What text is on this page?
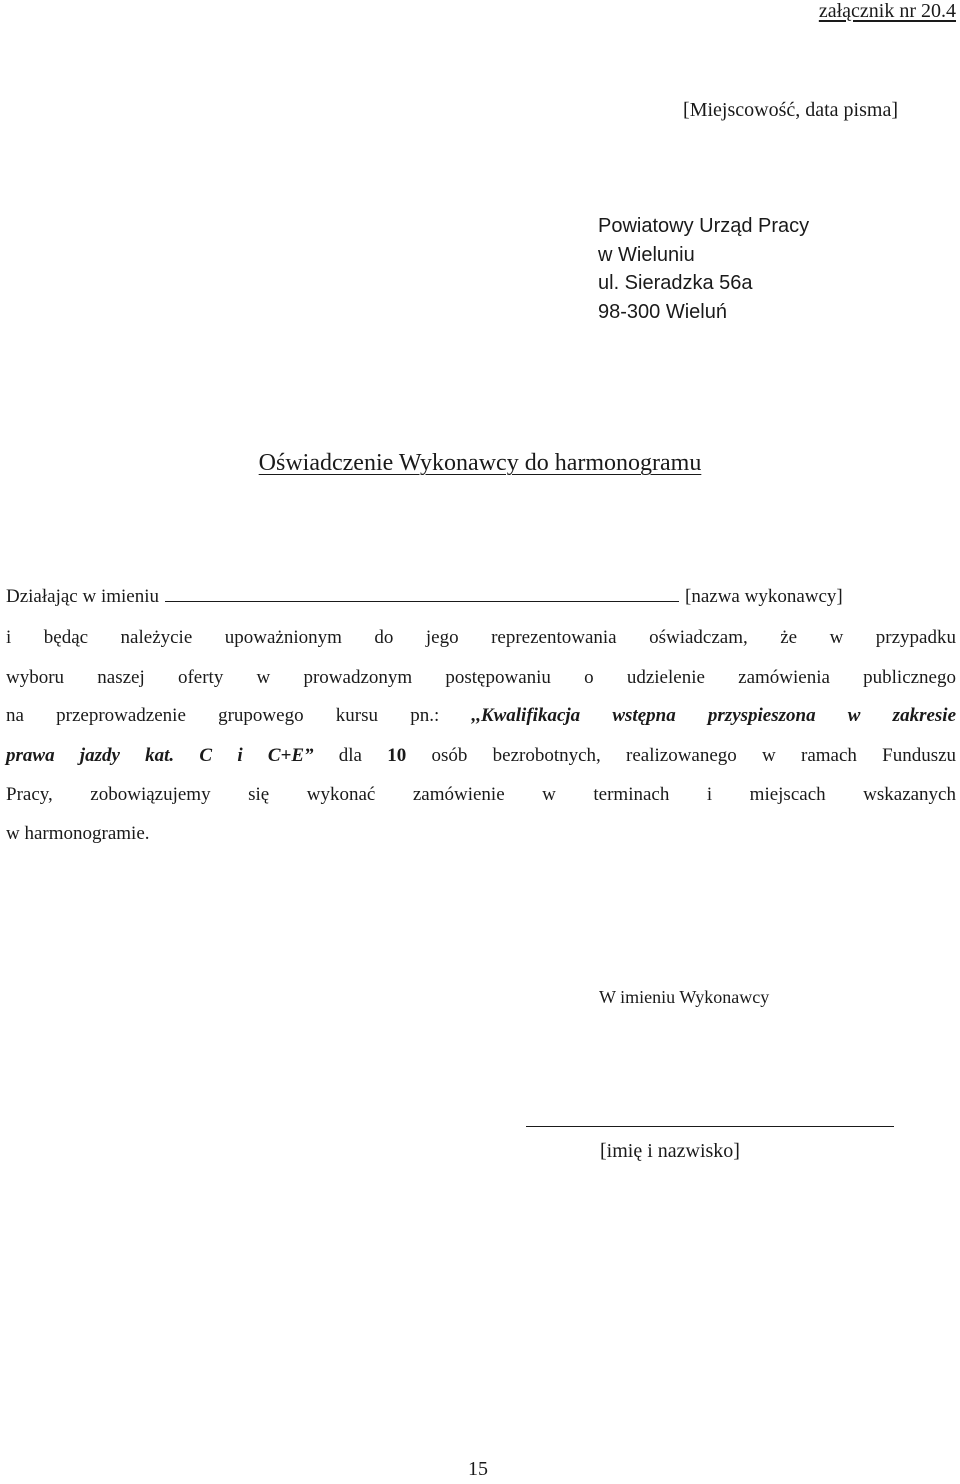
załącznik nr 20.4
[Miejscowość, data pisma]
Powiatowy Urząd Pracy
w Wieluniu
ul. Sieradzka 56a
98-300 Wieluń
Oświadczenie Wykonawcy do harmonogramu
Działając w imieniu	[nazwa wykonawcy]
i będąc należycie upoważnionym do jego reprezentowania oświadczam, że w przypadku
wyboru naszej oferty w prowadzonym postępowaniu o udzielenie zamówienia publicznego
na przeprowadzenie grupowego kursu pn.: ,,Kwalifikacja wstępna przyspieszona w zakresie
prawa jazdy kat. C i C+E” dla 10 osób bezrobotnych, realizowanego w ramach Funduszu
Pracy, zobowiązujemy się wykonać zamówienie w terminach i miejscach wskazanych
w harmonogramie.
W imieniu Wykonawcy
[imię i nazwisko]
15
